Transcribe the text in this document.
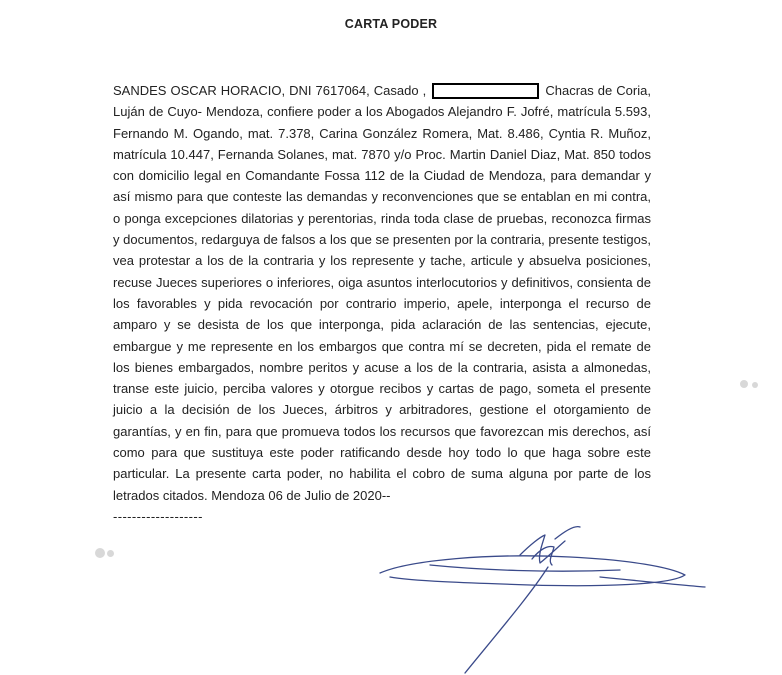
CARTA PODER
SANDES OSCAR HORACIO, DNI 7617064, Casado ,	Chacras de Coria, Luján de Cuyo- Mendoza, confiere poder a los Abogados Alejandro F. Jofré, matrícula 5.593, Fernando M. Ogando, mat. 7.378, Carina González Romera, Mat. 8.486, Cyntia R. Muñoz, matrícula 10.447, Fernanda Solanes, mat. 7870 y/o Proc. Martin Daniel Diaz, Mat. 850 todos con domicilio legal en Comandante Fossa 112 de la Ciudad de Mendoza, para demandar y así mismo para que conteste las demandas y reconvenciones que se entablan en mi contra, o ponga excepciones dilatorias y perentorias, rinda toda clase de pruebas, reconozca firmas y documentos, redarguya de falsos a los que se presenten por la contraria, presente testigos, vea protestar a los de la contraria y los represente y tache, articule y absuelva posiciones, recuse Jueces superiores o inferiores, oiga asuntos interlocutorios y definitivos, consienta de los favorables y pida revocación por contrario imperio, apele, interponga el recurso de amparo y se desista de los que interponga, pida aclaración de las sentencias, ejecute, embargue y me represente en los embargos que contra mí se decreten, pida el remate de los bienes embargados, nombre peritos y acuse a los de la contraria, asista a almonedas, transe este juicio, perciba valores y otorgue recibos y cartas de pago, someta el presente juicio a la decisión de los Jueces, árbitros y arbitradores, gestione el otorgamiento de garantías, y en fin, para que promueva todos los recursos que favorezcan mis derechos, así como para que sustituya este poder ratificando desde hoy todo lo que haga sobre este particular. La presente carta poder, no habilita el cobro de suma alguna por parte de los letrados citados. Mendoza 06 de Julio de 2020--
-------------------
